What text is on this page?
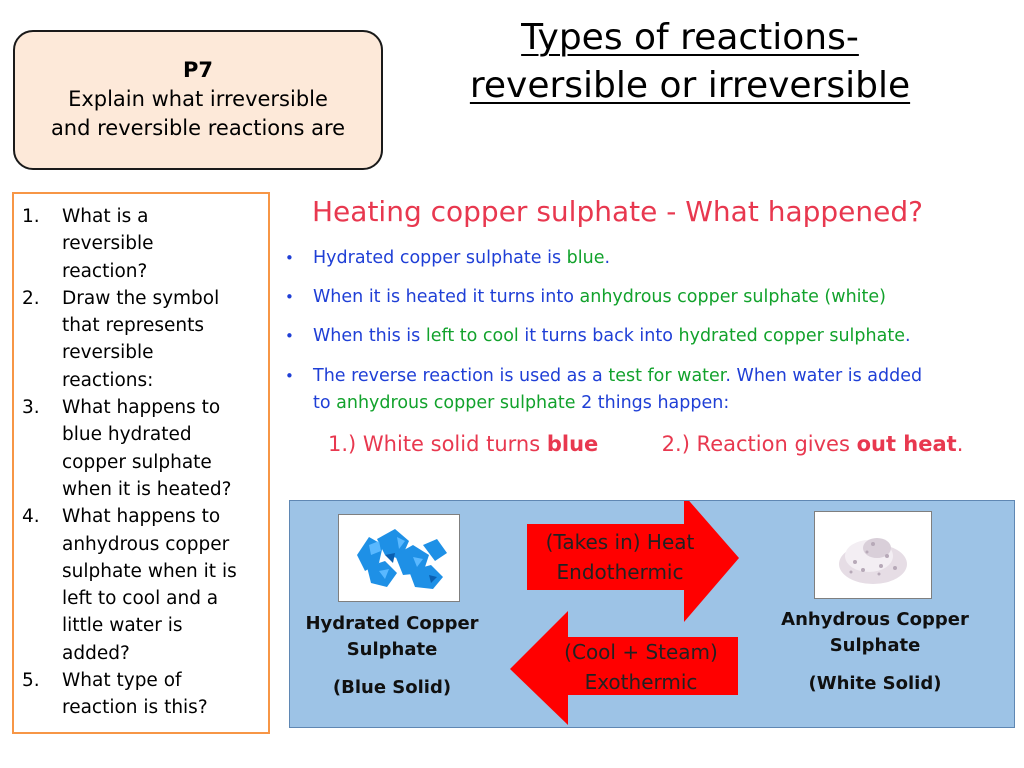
P7
Explain what irreversible
and reversible reactions are
Types of reactions-
reversible or irreversible
1. What is a
reversible
reaction?
2. Draw the symbol
that represents
reversible
reactions:
3. What happens to
blue hydrated
copper sulphate
when it is heated?
4. What happens to
anhydrous copper
sulphate when it is
left to cool and a
little water is
added?
5. What type of
reaction is this?
Heating copper sulphate - What happened?
• Hydrated copper sulphate is blue.
• When it is heated it turns into anhydrous copper sulphate (white)
• When this is left to cool it turns back into hydrated copper sulphate.
• The reverse reaction is used as a test for water. When water is added
to anhydrous copper sulphate 2 things happen:
1.) White solid turns blue	2.) Reaction gives out heat.
Hydrated Copper
Sulphate
(Blue Solid)
Anhydrous Copper
Sulphate
(White Solid)
(Takes in) Heat
Endothermic
(Cool + Steam)
Exothermic
